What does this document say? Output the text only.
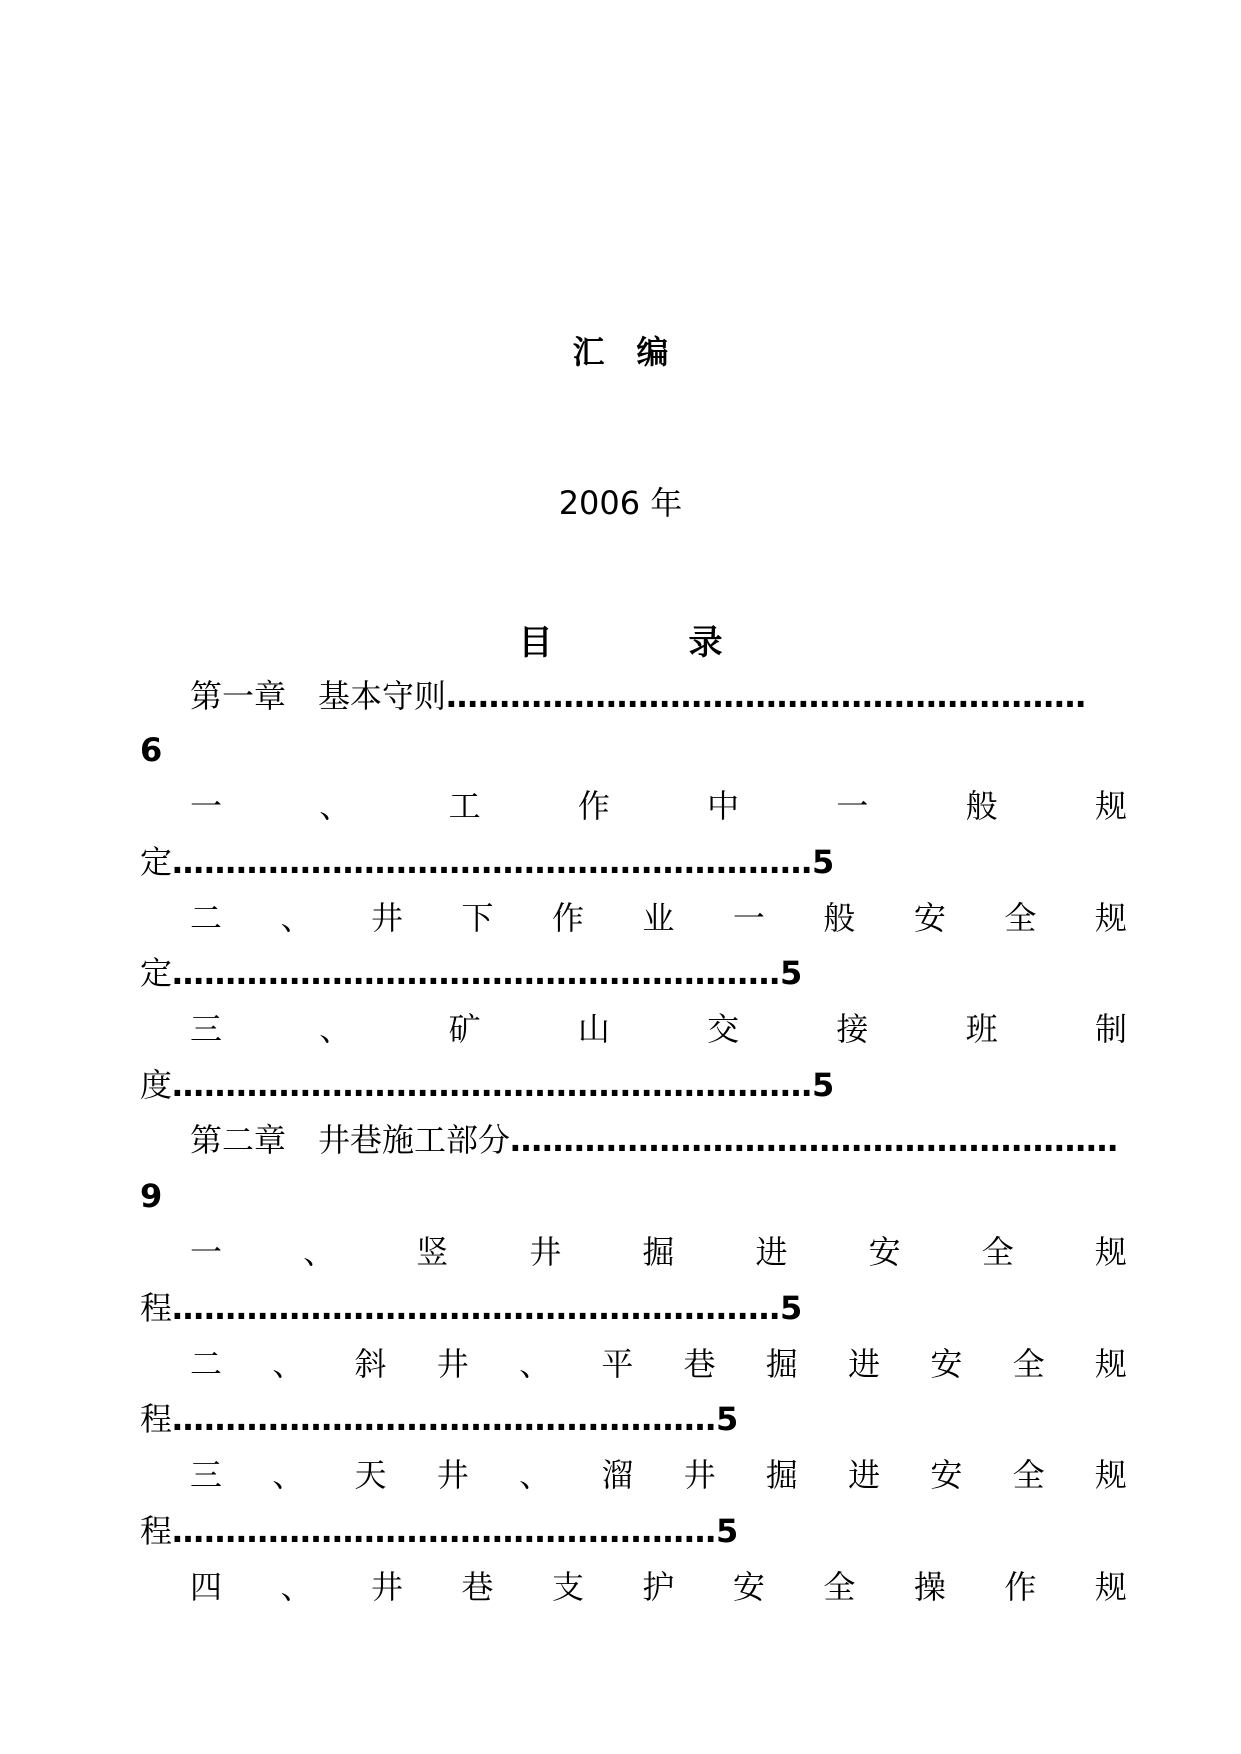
汇　编
2006 年
目　　　　录
第一章　基本守则……………………………………………………
6
一	、	工	作	中	一	般	规
定……………………………………………………5
二 、 井 下 作 业 一 般 安 全 规
定…………………………………………………5
三	、	矿	山	交	接	班	制
度……………………………………………………5
第二章　井巷施工部分…………………………………………………
9
一	、	竖	井	掘	进	安	全	规
程…………………………………………………5
二 、 斜 井 、 平 巷 掘 进 安 全 规
程……………………………………………5
三 、 天 井 、 溜 井 掘 进 安 全 规
程……………………………………………5
四 、 井 巷 支 护 安 全 操 作 规
